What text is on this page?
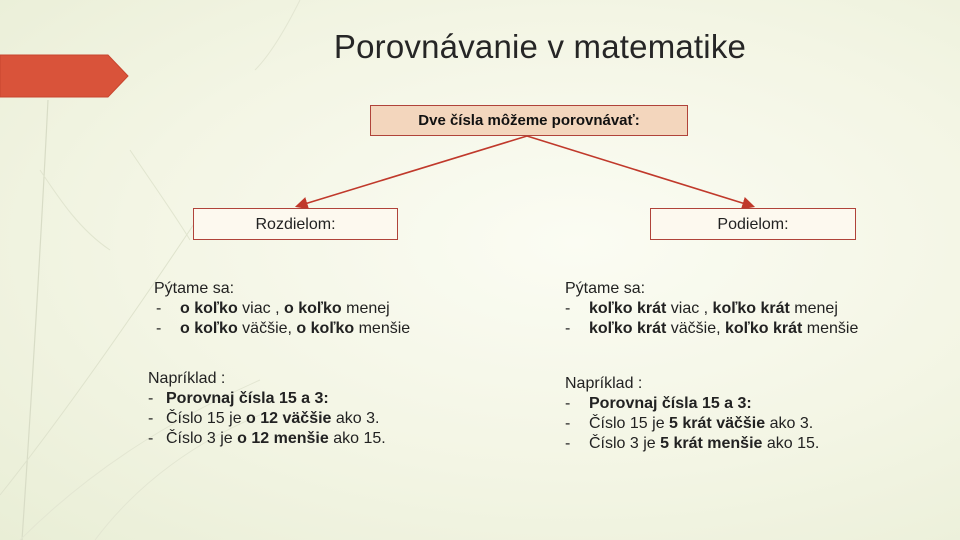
Porovnávanie v matematike
Dve čísla môžeme porovnávať:
Rozdielom:	Podielom:
Pýtame sa:
- o koľko viac , o koľko menej
- o koľko väčšie, o koľko menšie
Pýtame sa:
- koľko krát viac , koľko krát menej
- koľko krát väčšie, koľko krát menšie
Napríklad :
- Porovnaj čísla 15 a 3:
- Číslo 15 je o 12 väčšie ako 3.
- Číslo 3 je o 12 menšie ako 15.
Napríklad :
- Porovnaj čísla 15 a 3:
- Číslo 15 je 5 krát väčšie ako 3.
- Číslo 3 je 5 krát menšie ako 15.
